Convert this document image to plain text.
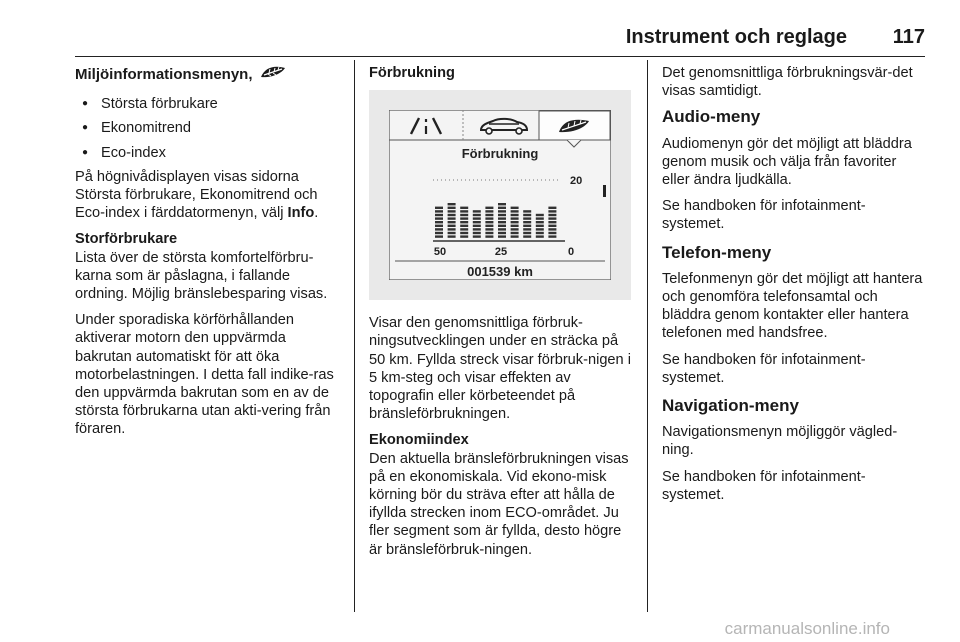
Instrument och reglage 117
Miljöinformationsmenyn,
● Största förbrukare
● Ekonomitrend
● Eco-index

På högnivådisplayen visas sidorna Största förbrukare, Ekonomitrend och Eco-index i färddatormenyn, välj Info.

Storförbrukare

Lista över de största komfortelförbru-karna som är påslagna, i fallande ordning. Möjlig bränslebesparing visas.

Under sporadiska körförhållanden aktiverar motorn den uppvärmda bakrutan automatiskt för att öka motorbelastningen. I detta fall indike-ras den uppvärmda bakrutan som en av de största förbrukarna utan akti-vering från föraren.

Förbrukning
Förbrukning
20
50	25	0
001539 km

Visar den genomsnittliga förbruk-ningsutvecklingen under en sträcka på 50 km. Fyllda streck visar förbruk-nigen i 5 km-steg och visar effekten av topografin eller körbeteendet på bränsleförbrukningen.

Ekonomiindex

Den aktuella bränsleförbrukningen visas på en ekonomiskala. Vid ekono-misk körning bör du sträva efter att hålla de ifyllda strecken inom ECO-området. Ju fler segment som är fyllda, desto högre är bränsleförbruk-ningen.

Det genomsnittliga förbrukningsvär-det visas samtidigt.

Audio-meny

Audiomenyn gör det möjligt att bläddra genom musik och välja från favoriter eller ändra ljudkälla.

Se handboken för infotainment-systemet.

Telefon-meny

Telefonmenyn gör det möjligt att hantera och genomföra telefonsamtal och bläddra genom kontakter eller hantera telefonen med handsfree.

Se handboken för infotainment-systemet.

Navigation-meny

Navigationsmenyn möjliggör vägled-ning.

Se handboken för infotainment-systemet.

carmanualsonline.info
